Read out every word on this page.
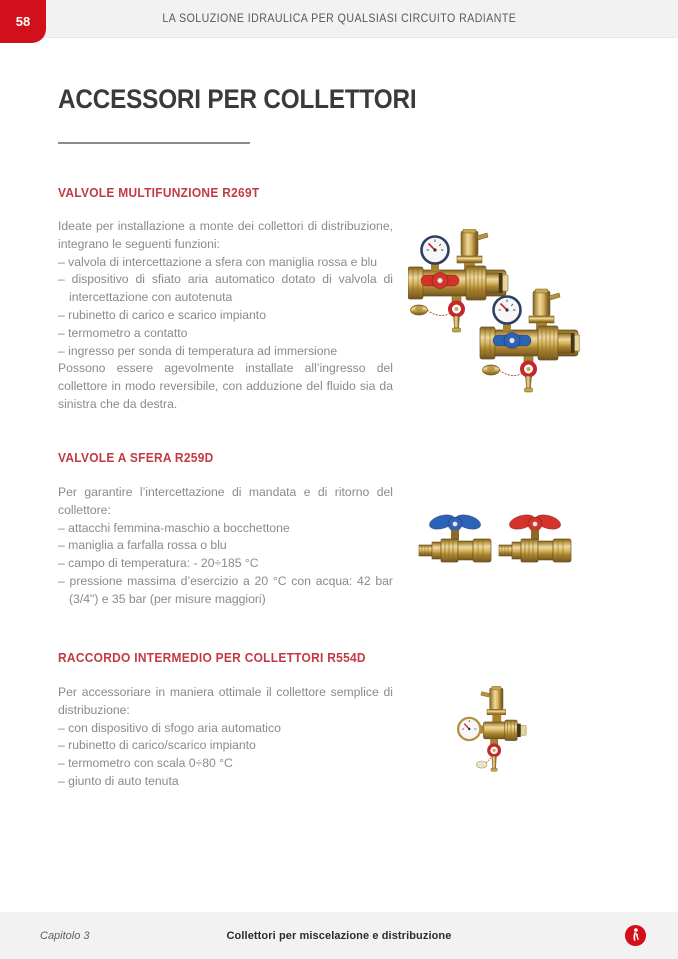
LA SOLUZIONE IDRAULICA PER QUALSIASI CIRCUITO RADIANTE
58
ACCESSORI PER COLLETTORI
VALVOLE MULTIFUNZIONE R269T
Ideate per installazione a monte dei collettori di distribuzione, integrano le seguenti funzioni:
– valvola di intercettazione a sfera con maniglia rossa e blu
– dispositivo di sfiato aria automatico dotato di valvola di intercettazione con autotenuta
– rubinetto di carico e scarico impianto
– termometro a contatto
– ingresso per sonda di temperatura ad immersione
Possono essere agevolmente installate all’ingresso del collettore in modo reversibile, con adduzione del fluido sia da sinistra che da destra.
VALVOLE A SFERA R259D
Per garantire l’intercettazione di mandata e di ritorno del collettore:
– attacchi femmina-maschio a bocchettone
– maniglia a farfalla rossa o blu
– campo di temperatura: - 20÷185 °C
– pressione massima d’esercizio a 20 °C con acqua: 42 bar (3/4") e 35 bar (per misure maggiori)
RACCORDO INTERMEDIO PER COLLETTORI R554D
Per accessoriare in maniera ottimale il collettore semplice di distribuzione:
– con dispositivo di sfogo aria automatico
– rubinetto di carico/scarico impianto
– termometro con scala 0÷80 °C
– giunto di auto tenuta
Capitolo 3	Collettori per miscelazione e distribuzione
